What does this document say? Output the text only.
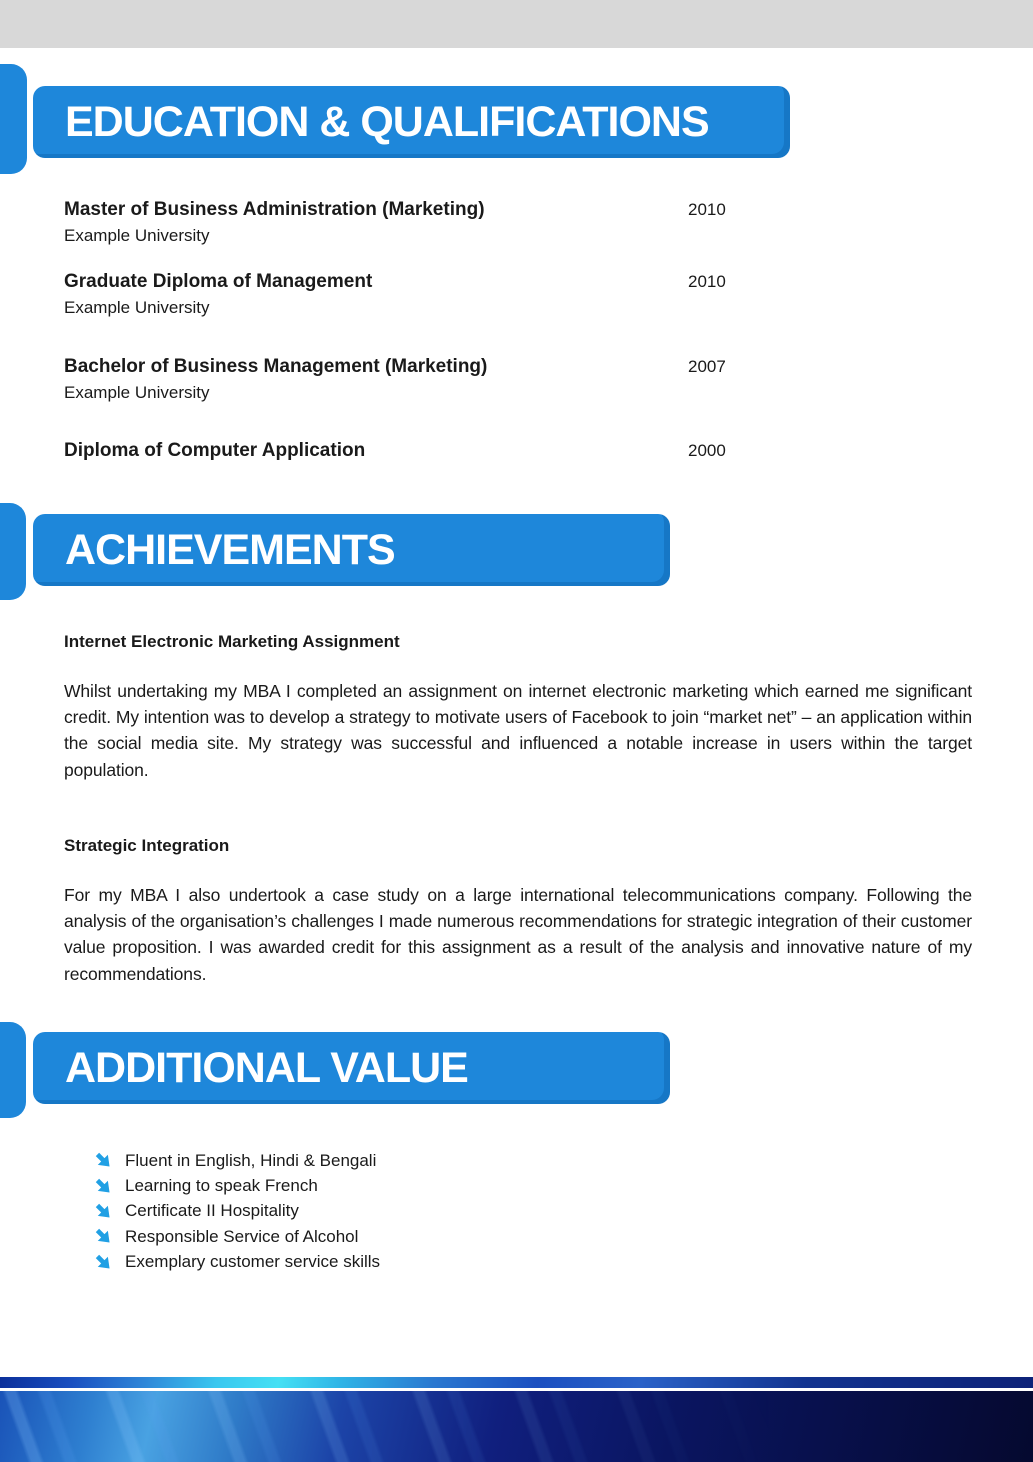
EDUCATION & QUALIFICATIONS
Master of Business Administration (Marketing)
Example University
2010
Graduate Diploma of Management
Example University
2010
Bachelor of Business Management (Marketing)
Example University
2007
Diploma of Computer Application	2000
ACHIEVEMENTS
Internet Electronic Marketing Assignment
Whilst undertaking my MBA I completed an assignment on internet electronic marketing which earned me significant credit. My intention was to develop a strategy to motivate users of Facebook to join “market net” – an application within the social media site. My strategy was successful and influenced a notable increase in users within the target population.
Strategic Integration
For my MBA I also undertook a case study on a large international telecommunications company. Following the analysis of the organisation’s challenges I made numerous recommendations for strategic integration of their customer value proposition. I was awarded credit for this assignment as a result of the analysis and innovative nature of my recommendations.
ADDITIONAL VALUE
Fluent in English, Hindi & Bengali
Learning to speak French
Certificate II Hospitality
Responsible Service of Alcohol
Exemplary customer service skills
